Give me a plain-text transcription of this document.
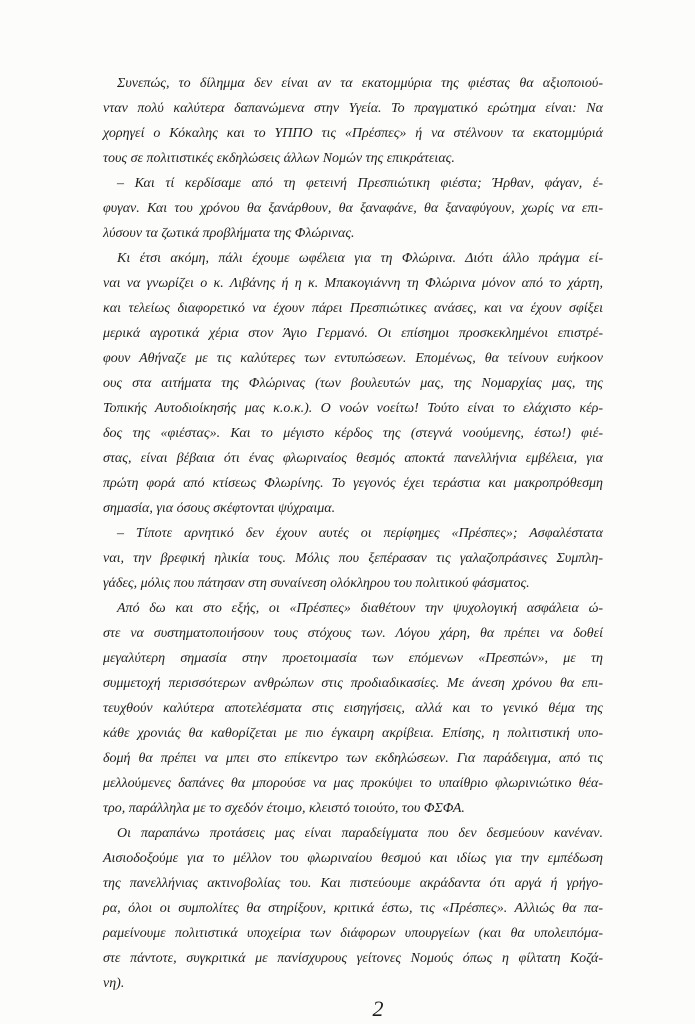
Συνεπώς, το δίλημμα δεν είναι αν τα εκατομμύρια της φιέστας θα αξιοποιού-
νταν πολύ καλύτερα δαπανώμενα στην Υγεία. Το πραγματικό ερώτημα είναι: Να
χορηγεί ο Κόκαλης και το ΥΠΠΟ τις «Πρέσπες» ή να στέλνουν τα εκατομμύριά
τους σε πολιτιστικές εκδηλώσεις άλλων Νομών της επικράτειας.
– Και τί κερδίσαμε από τη φετεινή Πρεσπιώτικη φιέστα; Ήρθαν, φάγαν, έ-
φυγαν. Και του χρόνου θα ξανάρθουν, θα ξαναφάνε, θα ξαναφύγουν, χωρίς να επι-
λύσουν τα ζωτικά προβλήματα της Φλώρινας.
Κι έτσι ακόμη, πάλι έχουμε ωφέλεια για τη Φλώρινα. Διότι άλλο πράγμα εί-
ναι να γνωρίζει ο κ. Λιβάνης ή η κ. Μπακογιάννη τη Φλώρινα μόνον από το χάρτη,
και τελείως διαφορετικό να έχουν πάρει Πρεσπιώτικες ανάσες, και να έχουν σφίξει
μερικά αγροτικά χέρια στον Άγιο Γερμανό. Οι επίσημοι προσκεκλημένοι επιστρέ-
φουν Αθήναζε με τις καλύτερες των εντυπώσεων. Επομένως, θα τείνουν ευήκοον
ους στα αιτήματα της Φλώρινας (των βουλευτών μας, της Νομαρχίας μας, της
Τοπικής Αυτοδιοίκησής μας κ.ο.κ.). Ο νοών νοείτω! Τούτο είναι το ελάχιστο κέρ-
δος της «φιέστας». Και το μέγιστο κέρδος της (στεγνά νοούμενης, έστω!) φιέ-
στας, είναι βέβαια ότι ένας φλωριναίος θεσμός αποκτά πανελλήνια εμβέλεια, για
πρώτη φορά από κτίσεως Φλωρίνης. Το γεγονός έχει τεράστια και μακροπρόθεσμη
σημασία, για όσους σκέφτονται ψύχραιμα.
– Τίποτε αρνητικό δεν έχουν αυτές οι περίφημες «Πρέσπες»; Ασφαλέστατα
ναι, την βρεφική ηλικία τους. Μόλις που ξεπέρασαν τις γαλαζοπράσινες Συμπλη-
γάδες, μόλις που πάτησαν στη συναίνεση ολόκληρου του πολιτικού φάσματος.
Από δω και στο εξής, οι «Πρέσπες» διαθέτουν την ψυχολογική ασφάλεια ώ-
στε να συστηματοποιήσουν τους στόχους των. Λόγου χάρη, θα πρέπει να δοθεί
μεγαλύτερη σημασία στην προετοιμασία των επόμενων «Πρεσπών», με τη
συμμετοχή περισσότερων ανθρώπων στις προδιαδικασίες. Με άνεση χρόνου θα επι-
τευχθούν καλύτερα αποτελέσματα στις εισηγήσεις, αλλά και το γενικό θέμα της
κάθε χρονιάς θα καθορίζεται με πιο έγκαιρη ακρίβεια. Επίσης, η πολιτιστική υπο-
δομή θα πρέπει να μπει στο επίκεντρο των εκδηλώσεων. Για παράδειγμα, από τις
μελλούμενες δαπάνες θα μπορούσε να μας προκύψει το υπαίθριο φλωρινιώτικο θέα-
τρο, παράλληλα με το σχεδόν έτοιμο, κλειστό τοιούτο, του ΦΣΦΑ.
Οι παραπάνω προτάσεις μας είναι παραδείγματα που δεν δεσμεύουν κανέναν.
Αισιοδοξούμε για το μέλλον του φλωριναίου θεσμού και ιδίως για την εμπέδωση
της πανελλήνιας ακτινοβολίας του. Και πιστεύουμε ακράδαντα ότι αργά ή γρήγο-
ρα, όλοι οι συμπολίτες θα στηρίξουν, κριτικά έστω, τις «Πρέσπες». Αλλιώς θα πα-
ραμείνουμε πολιτιστικά υποχείρια των διάφορων υπουργείων (και θα υπολειπόμα-
στε πάντοτε, συγκριτικά με πανίσχυρους γείτονες Νομούς όπως η φίλτατη Κοζά-
νη).
2
